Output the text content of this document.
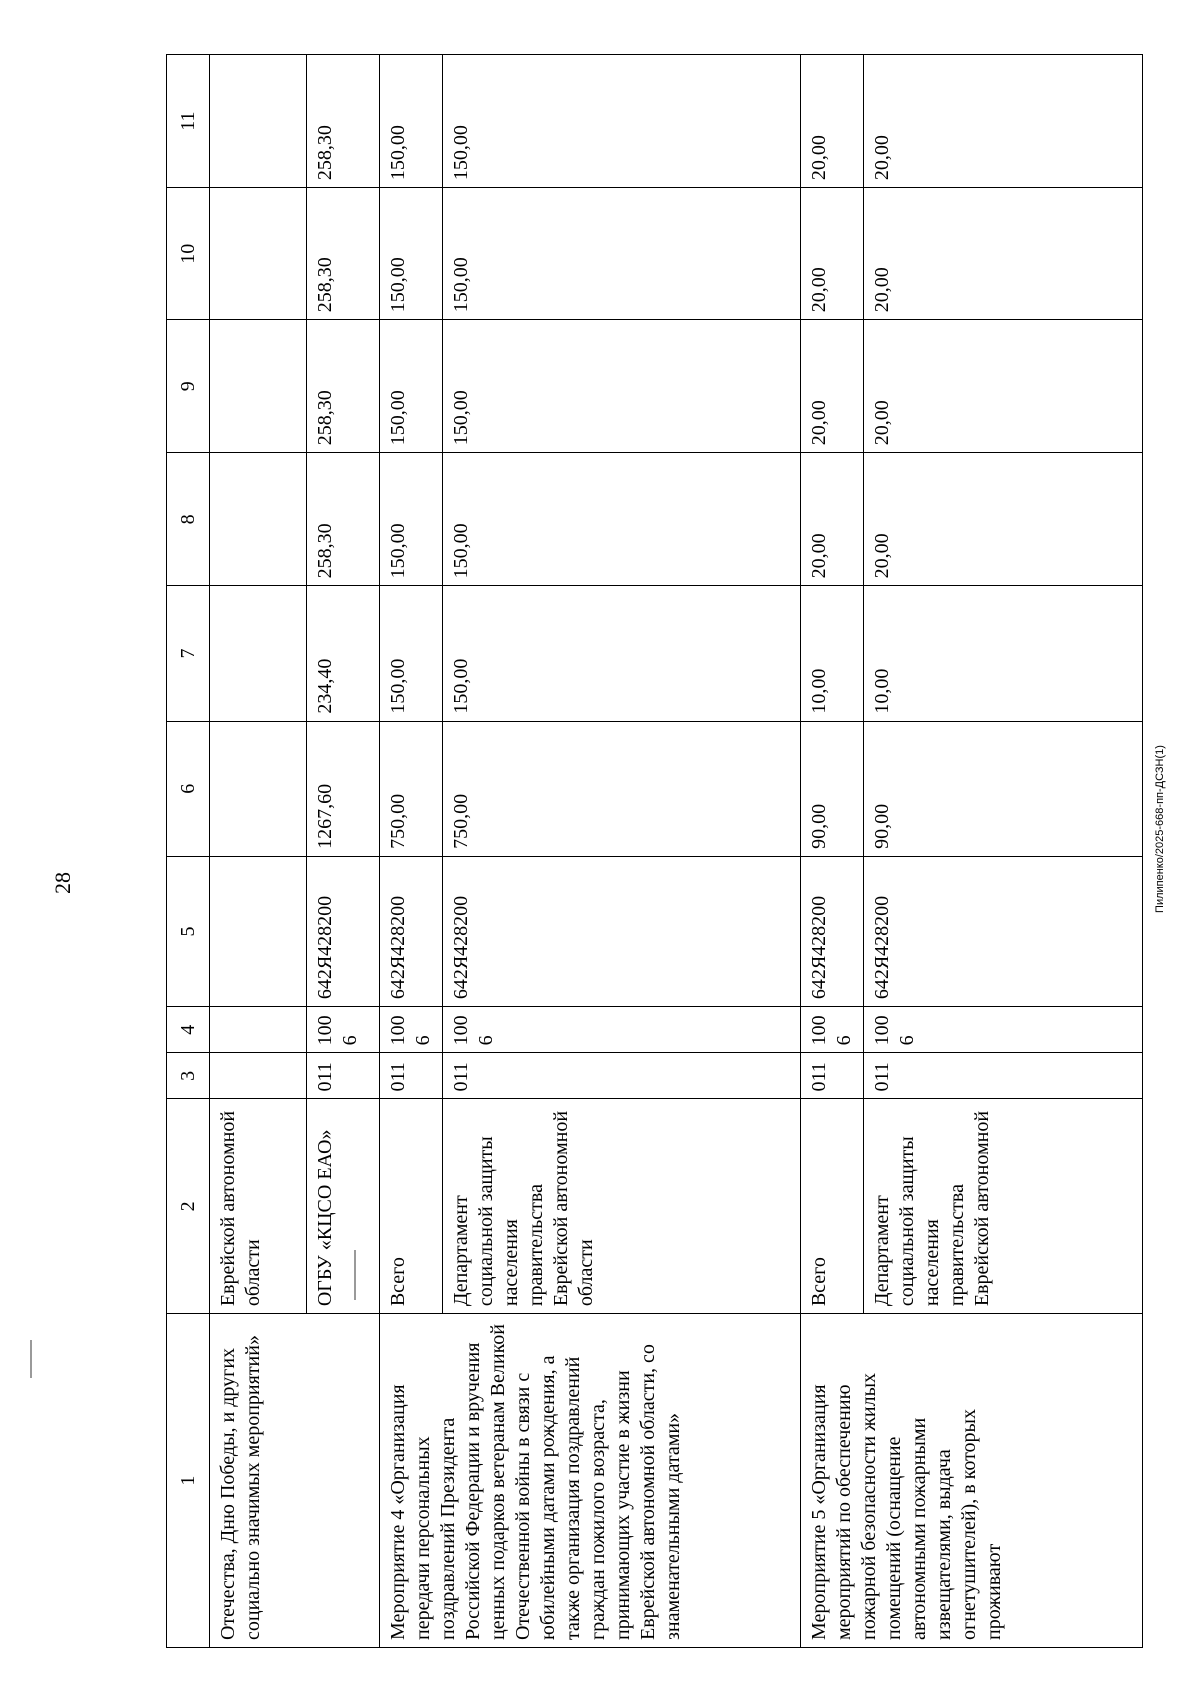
28	Пилипенко/2025-668-пп-ДСЗН(1)
1	2	3	4	5	6	7	8	9	10	11
Отечества, Дню Победы, и других социально значимых мероприятий»	Еврейской автономной области									
	ОГБУ «КЦСО ЕАО»	011	1006	642Я428200	1267,60	234,40	258,30	258,30	258,30	258,30
Мероприятие 4 «Организация передачи персональных поздравлений Президента Российской Федерации и вручения ценных подарков ветеранам Великой Отечественной войны в связи с юбилейными датами рождения, а также организация поздравлений граждан пожилого возраста, принимающих участие в жизни Еврейской автономной области, со знаменательными датами»	Всего	011	1006	642Я428200	750,00	150,00	150,00	150,00	150,00	150,00
	Департамент социальной защиты населения правительства Еврейской автономной области	011	1006	642Я428200	750,00	150,00	150,00	150,00	150,00	150,00
Мероприятие 5 «Организация мероприятий по обеспечению пожарной безопасности жилых помещений (оснащение автономными пожарными извещателями, выдача огнетушителей), в которых проживают	Всего	011	1006	642Я428200	90,00	10,00	20,00	20,00	20,00	20,00
	Департамент социальной защиты населения правительства Еврейской автономной	011	1006	642Я428200	90,00	10,00	20,00	20,00	20,00	20,00
